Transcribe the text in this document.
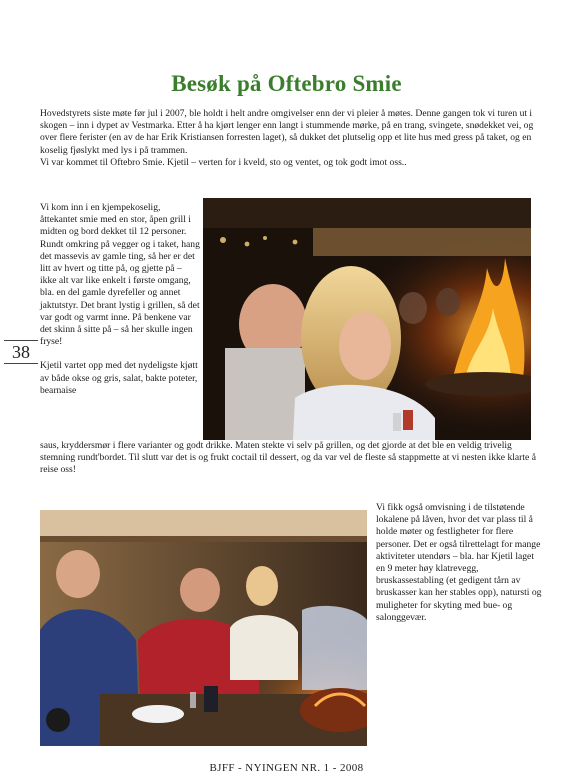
Besøk på Oftebro Smie

Hovedstyrets siste møte før jul i 2007, ble holdt i helt andre omgivelser enn der vi pleier å møtes. Denne gangen tok vi turen ut i skogen – inn i dypet av Vestmarka. Etter å ha kjørt lenger enn langt i stummende mørke, på en trang, svingete, snødekket vei, og over flere ferister (en av de har Erik Kristiansen forresten laget), så dukket det plutselig opp et lite hus med gress på taket, og en koselig fjøslykt med lys i på trammen.

Vi var kommet til Oftebro Smie. Kjetil – verten for i kveld, sto og ventet, og tok godt imot oss..

Vi kom inn i en kjempekoselig, åttekantet smie med en stor, åpen grill i midten og bord dekket til 12 personer. Rundt omkring på vegger og i taket, hang det massevis av gamle ting, så her er det litt av hvert og titte på, og gjette på – ikke alt var like enkelt i første omgang, bla. en del gamle dyrefeller og annet jaktutstyr. Det brant lystig i grillen, så det var godt og varmt inne. På benkene var det skinn å sitte på – så her skulle ingen fryse!

Kjetil vartet opp med det nydeligste kjøtt av både okse og gris, salat, bakte poteter, bearnaise

38
saus, kryddersmør i flere varianter og godt drikke. Maten stekte vi selv på grillen, og det gjorde at det ble en veldig trivelig stemning rundt'bordet. Til slutt var det is og frukt coctail til dessert, og da var vel de fleste så stappmette at vi nesten ikke klarte å reise oss!
Vi fikk også omvisning i de tilstøtende lokalene på låven, hvor det var plass til å holde møter og festligheter for flere personer. Det er også tilrettelagt for mange aktiviteter utendørs – bla. har Kjetil laget en 9 meter høy klatrevegg, bruskassestabling (et gedigent tårn av bruskasser kan her stables opp), natursti og muligheter for skyting med bue- og salonggevær.
BJFF - NYINGEN NR. 1 - 2008
